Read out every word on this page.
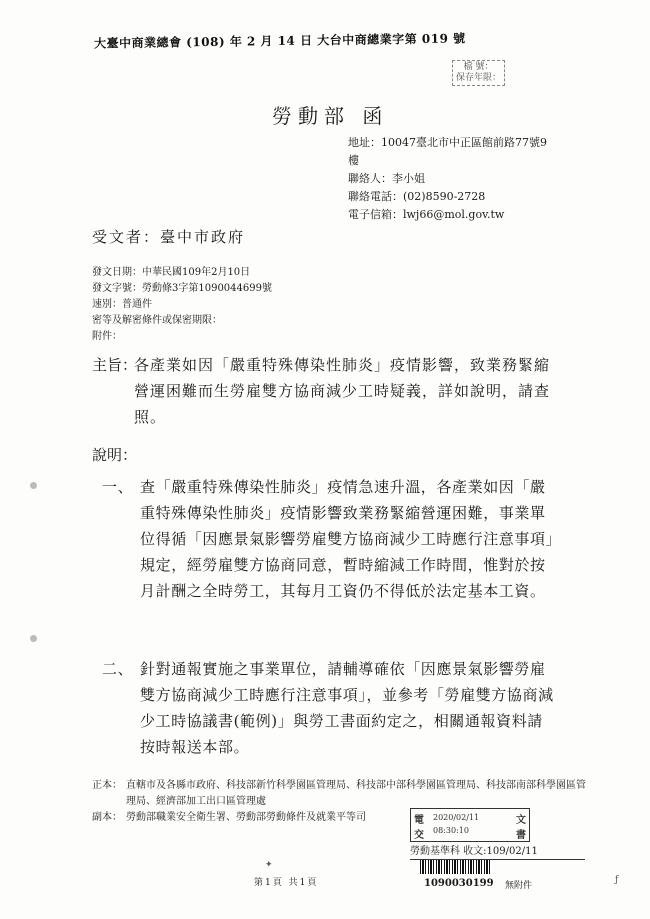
大臺中商業總會 (108) 年 2 月 14 日 大台中商總業字第 019 號
檔 號：
保存年限：
勞動部 函
地址：10047臺北市中正區館前路77號9
樓
聯絡人：李小姐
聯絡電話：(02)8590-2728
電子信箱：lwj66@mol.gov.tw
受文者：臺中市政府
發文日期：中華民國109年2月10日
發文字號：勞動條3字第1090044699號
速別：普通件
密等及解密條件或保密期限：
附件：
主旨：
各產業如因「嚴重特殊傳染性肺炎」疫情影響，致業務緊縮營運困難而生勞雇雙方協商減少工時疑義，詳如說明，請查照。
說明：
一、 查「嚴重特殊傳染性肺炎」疫情急速升溫，各產業如因「嚴重特殊傳染性肺炎」疫情影響致業務緊縮營運困難，事業單位得循「因應景氣影響勞雇雙方協商減少工時應行注意事項」規定，經勞雇雙方協商同意，暫時縮減工作時間，惟對於按月計酬之全時勞工，其每月工資仍不得低於法定基本工資。
二、 針對通報實施之事業單位，請輔導確依「因應景氣影響勞雇雙方協商減少工時應行注意事項」，並參考「勞雇雙方協商減少工時協議書(範例)」與勞工書面約定之，相關通報資料請按時報送本部。
正本： 直轄市及各縣市政府、科技部新竹科學園區管理局、科技部中部科學園區管理局、科技部南部科學園區管理局、經濟部加工出口區管理處
副本： 勞動部職業安全衛生署、勞動部勞動條件及就業平等司	電	文
交	書
2020/02/11
08:30:10
勞動基準科 收文:109/02/11
第1頁 共1頁	1090030199 無附件
✦
ƒ
